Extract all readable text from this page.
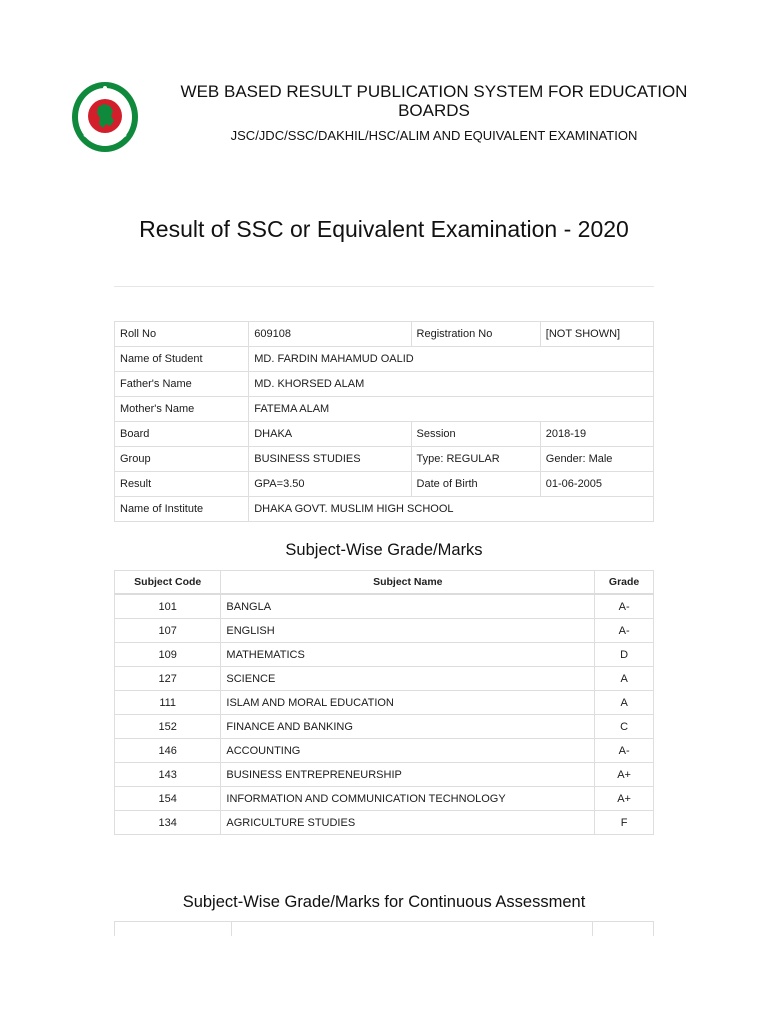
50
WEB BASED RESULT PUBLICATION SYSTEM FOR EDUCATION BOARDS
JSC/JDC/SSC/DAKHIL/HSC/ALIM AND EQUIVALENT EXAMINATION
Result of SSC or Equivalent Examination - 2020
Roll No	609108	Registration No	[NOT SHOWN]
Name of Student	MD. FARDIN MAHAMUD OALID		
Father's Name	MD. KHORSED ALAM		
Mother's Name	FATEMA ALAM		
Board	DHAKA	Session	2018-19
Group	BUSINESS STUDIES	Type: REGULAR	Gender: Male
Result	GPA=3.50	Date of Birth	01-06-2005
Name of Institute	DHAKA GOVT. MUSLIM HIGH SCHOOL		
Subject-Wise Grade/Marks
Subject Code	Subject Name	Grade
101	BANGLA	A-
107	ENGLISH	A-
109	MATHEMATICS	D
127	SCIENCE	A
111	ISLAM AND MORAL EDUCATION	A
152	FINANCE AND BANKING	C
146	ACCOUNTING	A-
143	BUSINESS ENTREPRENEURSHIP	A+
154	INFORMATION AND COMMUNICATION TECHNOLOGY	A+
134	AGRICULTURE STUDIES	F
Subject-Wise Grade/Marks for Continuous Assessment
